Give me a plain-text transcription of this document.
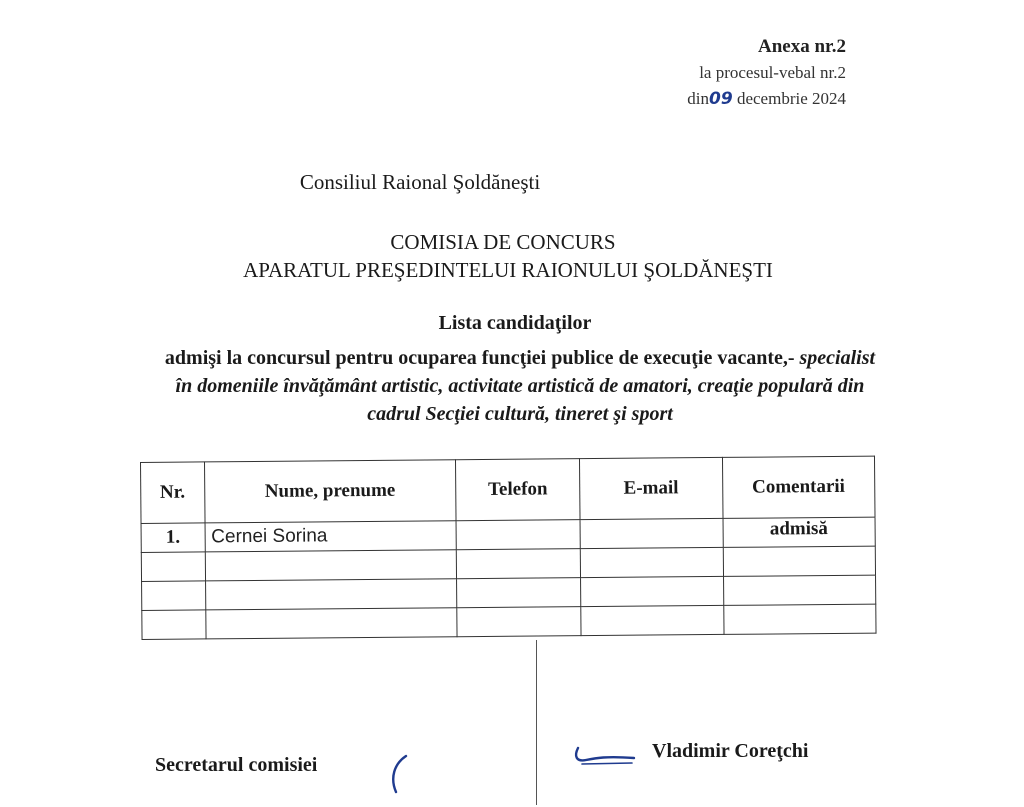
Anexa nr.2
la procesul-vebal nr.2
din09 decembrie 2024
Consiliul Raional Şoldăneşti
COMISIA DE CONCURS
APARATUL PREŞEDINTELUI RAIONULUI ŞOLDĂNEŞTI
Lista candidaţilor
admişi la concursul pentru ocuparea funcţiei publice de execuţie vacante,- specialist în domeniile învăţământ artistic, activitate artistică de amatori, creaţie populară din cadrul Secţiei cultură, tineret şi sport
Nr.	Nume, prenume	Telefon	E-mail	Comentarii
1.	Cernei Sorina			admisă

Secretarul comisiei
Vladimir Coreţchi
